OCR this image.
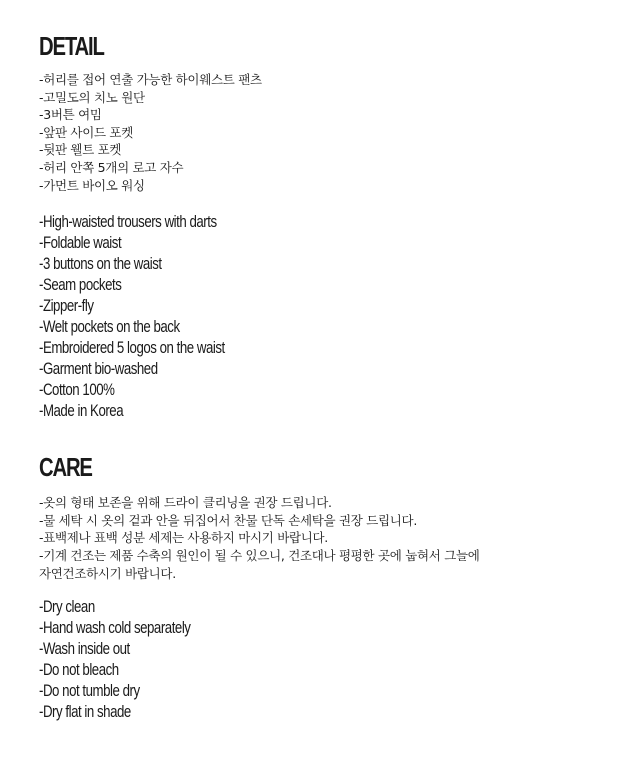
DETAIL
-허리를 접어 연출 가능한 하이웨스트 팬츠
-고밀도의 치노 원단
-3버튼 여밈
-앞판 사이드 포켓
-뒷판 웰트 포켓
-허리 안쪽 5개의 로고 자수
-가먼트 바이오 워싱
-High-waisted trousers with darts
-Foldable waist
-3 buttons on the waist
-Seam pockets
-Zipper-fly
-Welt pockets on the back
-Embroidered 5 logos on the waist
-Garment bio-washed
-Cotton 100%
-Made in Korea
CARE
-옷의 형태 보존을 위해 드라이 클리닝을 권장 드립니다.
-물 세탁 시 옷의 겉과 안을 뒤집어서 찬물 단독 손세탁을 권장 드립니다.
-표백제나 표백 성분 세제는 사용하지 마시기 바랍니다.
-기계 건조는 제품 수축의 원인이 될 수 있으니, 건조대나 평평한 곳에 눕혀서 그늘에
자연건조하시기 바랍니다.
-Dry clean
-Hand wash cold separately
-Wash inside out
-Do not bleach
-Do not tumble dry
-Dry flat in shade
